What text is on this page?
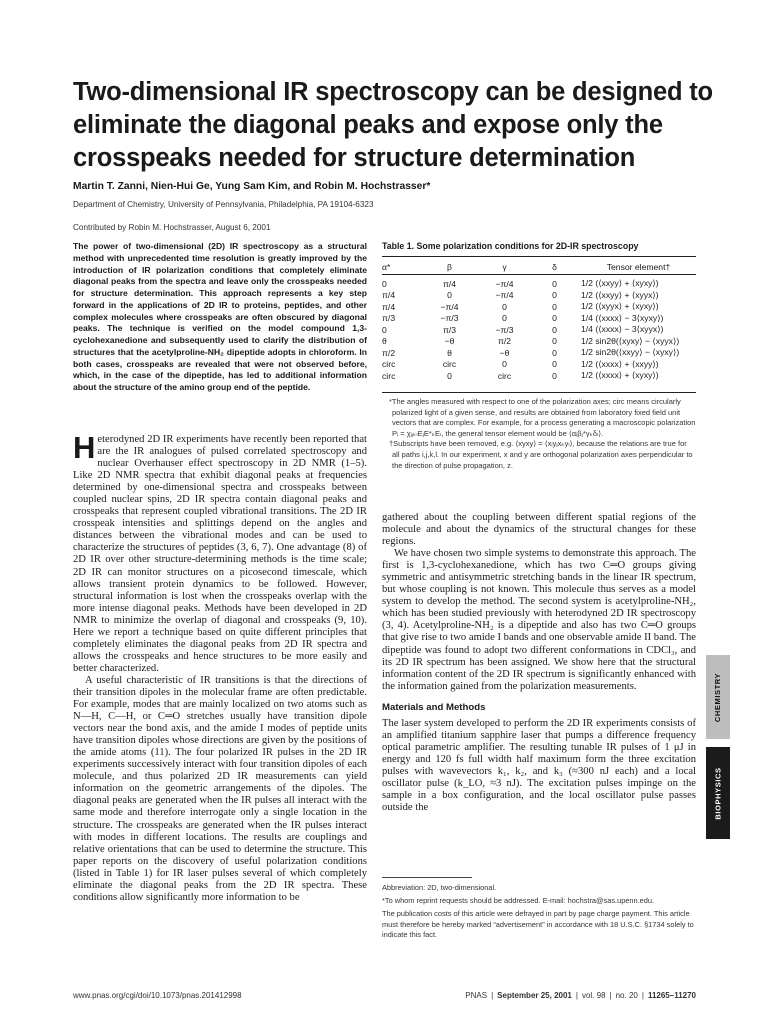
Two-dimensional IR spectroscopy can be designed to eliminate the diagonal peaks and expose only the crosspeaks needed for structure determination
Martin T. Zanni, Nien-Hui Ge, Yung Sam Kim, and Robin M. Hochstrasser*
Department of Chemistry, University of Pennsylvania, Philadelphia, PA 19104-6323
Contributed by Robin M. Hochstrasser, August 6, 2001

The power of two-dimensional (2D) IR spectroscopy as a structural method with unprecedented time resolution is greatly improved by the introduction of IR polarization conditions that completely eliminate diagonal peaks from the spectra and leave only the crosspeaks needed for structure determination. This approach represents a key step forward in the applications of 2D IR to proteins, peptides, and other complex molecules where crosspeaks are often obscured by diagonal peaks. The technique is verified on the model compound 1,3-cyclohexanedione and subsequently used to clarify the distribution of structures that the acetylproline-NH₂ dipeptide adopts in chloroform. In both cases, crosspeaks are revealed that were not observed before, which, in the case of the dipeptide, has led to additional information about the structure of the amino group end of the peptide.

Heterodyned 2D IR experiments have recently been reported that are the IR analogues of pulsed correlated spectroscopy and nuclear Overhauser effect spectroscopy in 2D NMR (1–5). Like 2D NMR spectra that exhibit diagonal peaks at frequencies determined by one-dimensional spectra and crosspeaks between coupled nuclear spins, 2D IR spectra contain diagonal peaks and crosspeaks that represent coupled vibrational transitions. The 2D IR crosspeak intensities and splittings depend on the angles and distances between the vibrational modes and can be used to characterize the structures of peptides (3, 6, 7). One advantage (8) of 2D IR over other structure-determining methods is the time scale; 2D IR can monitor structures on a picosecond timescale, which allows transient protein dynamics to be followed. However, structural information is lost when the crosspeaks overlap with the more intense diagonal peaks. Methods have been developed in 2D NMR to minimize the overlap of diagonal and crosspeaks (9, 10). Here we report a technique based on quite different principles that completely eliminates the diagonal peaks from 2D IR spectra and allows the crosspeaks and hence structures to be more easily and better characterized.

A useful characteristic of IR transitions is that the directions of their transition dipoles in the molecular frame are often predictable. For example, modes that are mainly localized on two atoms such as N—H, C—H, or C═O stretches usually have transition dipole vectors near the bond axis, and the amide I modes of peptide units have transition dipoles whose directions are given by the positions of the amide atoms (11). The four polarized IR pulses in the 2D IR experiments successively interact with four transition dipoles of each molecule, and thus polarized 2D IR measurements can yield information on the geometric arrangements of the dipoles. The diagonal peaks are generated when the IR pulses all interact with the same mode and therefore interrogate only a single location in the structure. The crosspeaks are generated when the IR pulses interact with modes in different locations. The results are couplings and relative orientations that can be used to determine the structure. This paper reports on the discovery of useful polarization conditions (listed in Table 1) for IR laser pulses several of which completely eliminate the diagonal peaks from the 2D IR spectra. These conditions allow significantly more information to be

Table 1. Some polarization conditions for 2D-IR spectroscopy
α*	β	γ	δ	Tensor element†
0	π/4	−π/4	0	1/2 (⟨xxyy⟩ + ⟨xyxy⟩)
π/4	0	−π/4	0	1/2 (⟨xxyy⟩ + ⟨xyyx⟩)
π/4	−π/4	0	0	1/2 (⟨xyyx⟩ + ⟨xyxy⟩)
π/3	−π/3	0	0	1/4 (⟨xxxx⟩ − 3⟨xyxy⟩)
0	π/3	−π/3	0	1/4 (⟨xxxx⟩ − 3⟨xyyx⟩)
θ	−θ	π/2	0	1/2 sin2θ(⟨xyxy⟩ − ⟨xyyx⟩)
π/2	θ	−θ	0	1/2 sin2θ(⟨xxyy⟩ − ⟨xyxy⟩)
circ	circ	0	0	1/2 (⟨xxxx⟩ + ⟨xxyy⟩)
circ	0	circ	0	1/2 (⟨xxxx⟩ + ⟨xyxy⟩)
*The angles measured with respect to one of the polarization axes; circ means circularly polarized light of a given sense, and results are obtained from laboratory fixed field unit vectors that are complex. For example, for a process generating a macroscopic polarization Pᵢ = χᵢⱼₖₗEⱼE*ₖEₗ, the general tensor element would be ⟨αᵢβⱼ*γₖδₗ⟩.
†Subscripts have been removed, e.g. ⟨xyxy⟩ = ⟨xᵢyⱼxₖyₗ⟩, because the relations are true for all paths i,j,k,l. In our experiment, x and y are orthogonal polarization axes perpendicular to the direction of pulse propagation, z.

gathered about the coupling between different spatial regions of the molecule and about the dynamics of the structural changes for these regions.

We have chosen two simple systems to demonstrate this approach. The first is 1,3-cyclohexanedione, which has two C═O groups giving symmetric and antisymmetric stretching bands in the linear IR spectrum, but whose coupling is not known. This molecule thus serves as a model system to develop the method. The second system is acetylproline-NH₂, which has been studied previously with heterodyned 2D IR spectroscopy (3, 4). Acetylproline-NH₂ is a dipeptide and also has two C═O groups that give rise to two amide I bands and one observable amide II band. The dipeptide was found to adopt two different conformations in CDCl₃, and its 2D IR spectrum has been assigned. We show here that the structural information content of the 2D IR spectrum is significantly enhanced with the information gained from the polarization measurements.

Materials and Methods

The laser system developed to perform the 2D IR experiments consists of an amplified titanium sapphire laser that pumps a difference frequency optical parametric amplifier. The resulting tunable IR pulses of 1 μJ in energy and 120 fs full width half maximum form the three excitation pulses with wavevectors k₁, k₂, and k₃ (≈300 nJ each) and a local oscillator pulse (k_LO, ≈3 nJ). The excitation pulses impinge on the sample in a box configuration, and the local oscillator pulse passes outside the

Abbreviation: 2D, two-dimensional.

*To whom reprint requests should be addressed. E-mail: hochstra@sas.upenn.edu.

The publication costs of this article were defrayed in part by page charge payment. This article must therefore be hereby marked “advertisement” in accordance with 18 U.S.C. §1734 solely to indicate this fact.

www.pnas.org/cgi/doi/10.1073/pnas.201412998	PNAS | September 25, 2001 | vol. 98 | no. 20 | 11265–11270
CHEMISTRY
BIOPHYSICS
